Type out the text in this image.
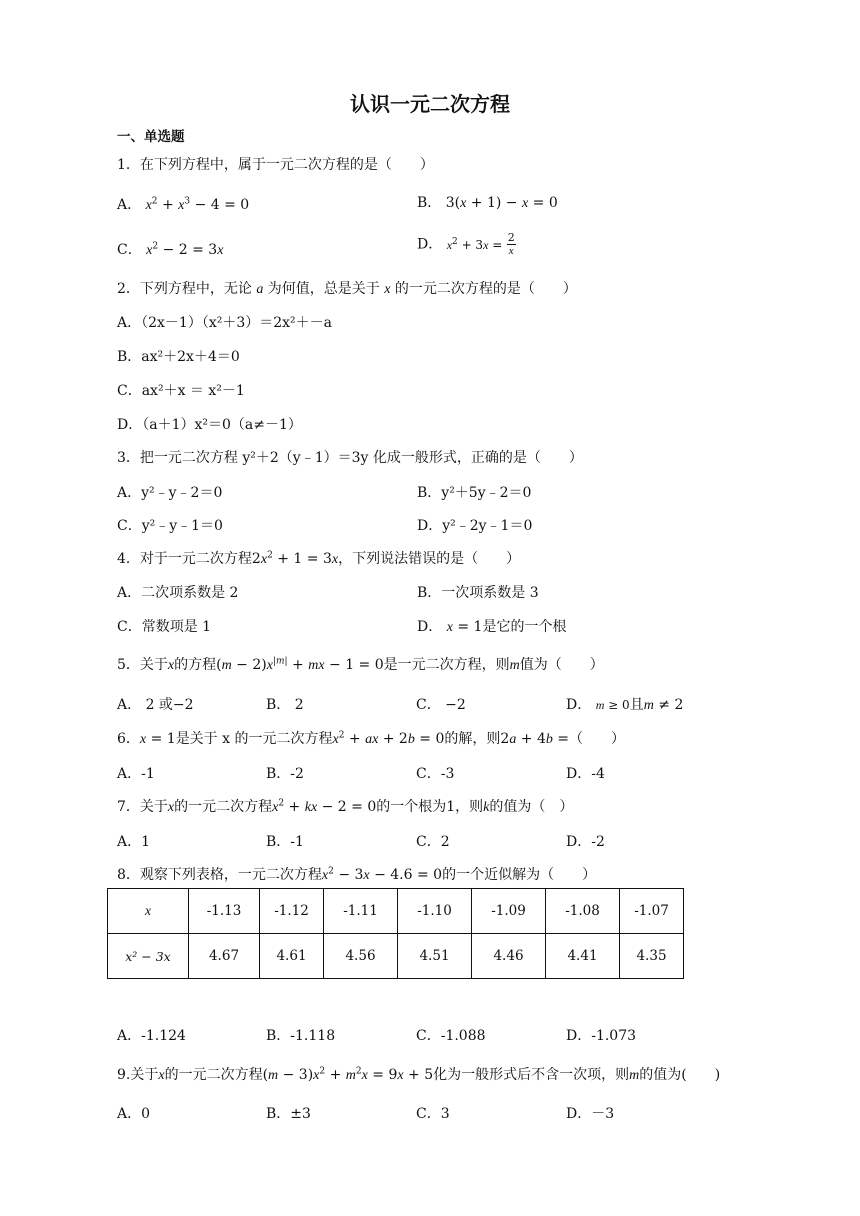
认识一元二次方程
一、单选题
1．在下列方程中，属于一元二次方程的是（　　）
A． $x^2 + x^3 - 4 = 0$	B． 3(x + 1) − x = 0
C． $x^2 - 2 = 3x$	D． $x^2 + 3x = \frac{2}{x}$
2．下列方程中，无论 a 为何值，总是关于 x 的一元二次方程的是（　　）
A．（2x－1）（x²＋3）＝2x²＋－a
B．ax²＋2x＋4＝0
C．ax²＋x ＝ x²－1
D．（a＋1）x²＝0（a≠－1）
3．把一元二次方程 y²＋2（y﹣1）＝3y 化成一般形式，正确的是（　　）
A．y²﹣y﹣2＝0	B．y²＋5y﹣2＝0
C．y²﹣y﹣1＝0	D．y²﹣2y﹣1＝0
4．对于一元二次方程$2x^2 + 1 = 3x$，下列说法错误的是（　　）
A．二次项系数是 2	B．一次项系数是 3
C．常数项是 1	D． x = 1是它的一个根
5．关于x的方程$(m - 2)x^{|m|}$ + mx − 1 = 0是一元二次方程，则m值为（　　）
A． 2 或−2	B． 2	C． −2	D． m ≥ 0且m ≠ 2
6．x = 1是关于 x 的一元二次方程$x^2$ + ax + 2b = 0的解，则2a + 4b =（　　）
A．-1	B．-2	C．-3	D．-4
7．关于x的一元二次方程$x^2$ + kx − 2 = 0的一个根为1，则k的值为（　）
A．1	B．-1	C．2	D．-2
8．观察下列表格，一元二次方程$x^2 - 3x - 4.6 = 0$的一个近似解为（　　）
x	-1.13	-1.12	-1.11	-1.10	-1.09	-1.08	-1.07
x² − 3x	4.67	4.61	4.56	4.51	4.46	4.41	4.35
A．-1.124	B．-1.118	C．-1.088	D．-1.073
9.关于x的一元二次方程$(m - 3)x^2 + m^2x = 9x + 5$化为一般形式后不含一次项，则m的值为(　　)
A．0	B．±3	C．3	D．－3
